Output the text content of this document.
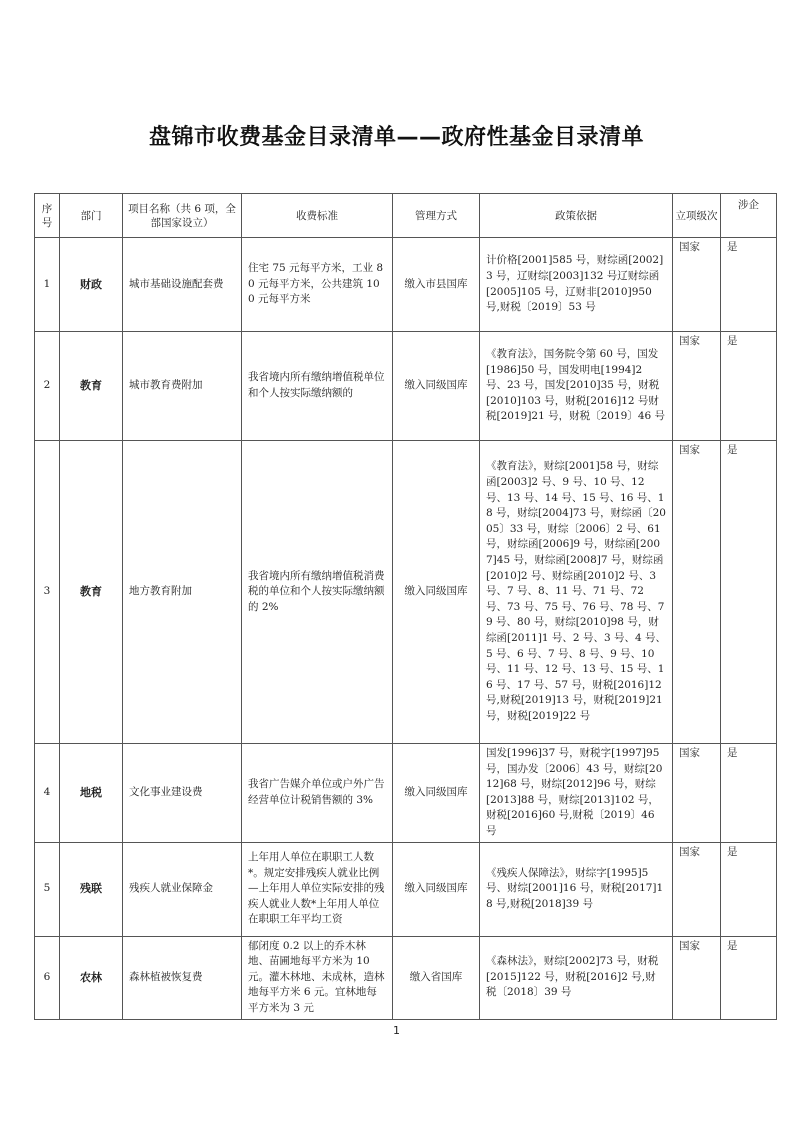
盘锦市收费基金目录清单——政府性基金目录清单
序号	部门	项目名称（共 6 项，全部国家设立）	收费标准	管理方式	政策依据	立项级次	涉企
1	财政	城市基础设施配套费	住宅 75 元每平方米，工业 80 元每平方米，公共建筑 100 元每平方米	缴入市县国库	计价格[2001]585 号，财综函[2002]3 号，辽财综[2003]132 号辽财综函[2005]105 号，辽财非[2010]950 号,财税〔2019〕53 号	国家	是
2	教育	城市教育费附加	我省境内所有缴纳增值税单位和个人按实际缴纳额的	缴入同级国库	《教育法》，国务院令第 60 号，国发[1986]50 号，国发明电[1994]2 号、23 号，国发[2010]35 号，财税[2010]103 号，财税[2016]12 号财税[2019]21 号，财税〔2019〕46 号	国家	是
3	教育	地方教育附加	我省境内所有缴纳增值税消费税的单位和个人按实际缴纳额的 2%	缴入同级国库	《教育法》，财综[2001]58 号，财综函[2003]2 号、9 号、10 号、12 号、13 号、14 号、15 号、16 号、18 号，财综[2004]73 号，财综函〔2005〕33 号，财综〔2006〕2 号、61 号，财综函[2006]9 号，财综函[2007]45 号，财综函[2008]7 号，财综函[2010]2 号、财综函[2010]2 号、3 号、7 号、8、11 号、71 号、72 号、73 号、75 号、76 号、78 号、79 号、80 号，财综[2010]98 号，财综函[2011]1 号、2 号、3 号、4 号、5 号、6 号、7 号、8 号、9 号、10 号、11 号、12 号、13 号、15 号、16 号、17 号、57 号，财税[2016]12 号,财税[2019]13 号，财税[2019]21 号，财税[2019]22 号	国家	是
4	地税	文化事业建设费	我省广告媒介单位或户外广告经营单位计税销售额的 3%	缴入同级国库	国发[1996]37 号，财税字[1997]95 号，国办发〔2006〕43 号，财综[2012]68 号，财综[2012]96 号，财综[2013]88 号，财综[2013]102 号，财税[2016]60 号,财税〔2019〕46 号	国家	是
5	残联	残疾人就业保障金	上年用人单位在职职工人数*。规定安排残疾人就业比例—上年用人单位实际安排的残疾人就业人数*上年用人单位在职职工年平均工资	缴入同级国库	《残疾人保障法》，财综字[1995]5 号、财综[2001]16 号，财税[2017]18 号,财税[2018]39 号	国家	是
6	农林	森林植被恢复费	郁闭度 0.2 以上的乔木林地、苗圃地每平方米为 10 元。灌木林地、未成林，造林地每平方米 6 元。宜林地每平方米为 3 元	缴入省国库	《森林法》，财综[2002]73 号，财税[2015]122 号，财税[2016]2 号,财税〔2018〕39 号	国家	是
1
